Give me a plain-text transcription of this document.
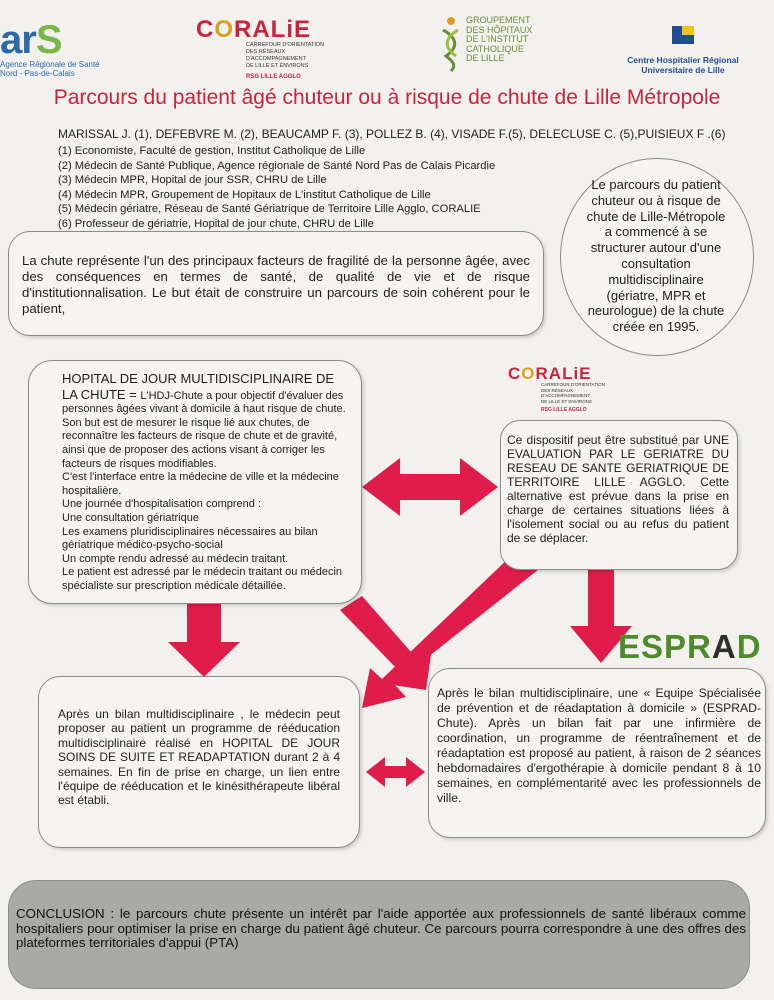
arS
Agence Régionale de Santé
Nord - Pas-de-Calais
CORALiE
CARREFOUR D'ORIENTATION
DES RÉSEAUX
D'ACCOMPAGNEMENT
DE LILLE ET ENVIRONS
RSG LILLE AGGLO
GROUPEMENT
DES HÔPITAUX
DE L'INSTITUT
CATHOLIQUE
DE LILLE	Centre Hospitalier Régional
Universitaire de Lille
Parcours du patient âgé chuteur ou à risque de chute de Lille Métropole
MARISSAL J. (1), DEFEBVRE M. (2), BEAUCAMP F. (3), POLLEZ B. (4), VISADE F.(5), DELECLUSE C. (5),PUISIEUX F .(6)
(1) Economiste, Faculté de gestion, Institut Catholique de Lille
(2) Médecin de Santé Publique, Agence régionale de Santé Nord Pas de Calais Picardie
(3) Médecin MPR, Hopital de jour SSR, CHRU de Lille
(4) Médecin MPR, Groupement de Hopitaux de L'institut Catholique de Lille
(5) Médecin gériatre, Réseau de Santé Gériatrique de Territoire Lille Agglo, CORALIE
(6) Professeur de gériatrie, Hopital de jour chute, CHRU de Lille
Le parcours du patient chuteur ou à risque de chute de Lille-Métropole a commencé à se structurer autour d'une consultation multidisciplinaire (gériatre, MPR et neurologue) de la chute créée en 1995.
La chute représente l'un des principaux facteurs de fragilité de la personne âgée, avec des conséquences en termes de santé, de qualité de vie et de risque d'institutionnalisation. Le but était de construire un parcours de soin cohérent pour le patient,
HOPITAL DE JOUR MULTIDISCIPLINAIRE DE LA CHUTE = L'HDJ-Chute a pour objectif d'évaluer des personnes âgées vivant à domicile à haut risque de chute. Son but est de mesurer le risque lié aux chutes, de reconnaître les facteurs de risque de chute et de gravité, ainsi que de proposer des actions visant à corriger les facteurs de risques modifiables.
C'est l'interface entre la médecine de ville et la médecine hospitalière.
Une journée d'hospitalisation comprend :
Une consultation gériatrique
Les examens pluridisciplinaires nécessaires au bilan gériatrique médico-psycho-social
Un compte rendu adressé au médecin traitant.
Le patient est adressé par le médecin traitant ou médecin spécialiste sur prescription médicale détaillée.
CORALiE
CARREFOUR D'ORIENTATION
DES RÉSEAUX
D'ACCOMPAGNEMENT
DE LILLE ET ENVIRONS
RSG LILLE AGGLO
Ce dispositif peut être substitué par UNE EVALUATION PAR LE GERIATRE DU RESEAU DE SANTE GERIATRIQUE DE TERRITOIRE LILLE AGGLO. Cette alternative est prévue dans la prise en charge de certaines situations liées à l'isolement social ou au refus du patient de se déplacer.
ESPRAD
Après un bilan multidisciplinaire , le médecin peut proposer au patient un programme de rééducation multidisciplinaire réalisé en HOPITAL DE JOUR SOINS DE SUITE ET READAPTATION durant 2 à 4 semaines. En fin de prise en charge, un lien entre l'équipe de rééducation et le kinésithérapeute libéral est établi.
Après le bilan multidisciplinaire, une « Equipe Spécialisée de prévention et de réadaptation à domicile » (ESPRAD-Chute). Après un bilan fait par une infirmière de coordination, un programme de réentraînement et de réadaptation est proposé au patient, à raison de 2 séances hebdomadaires d'ergothérapie à domicile pendant 8 à 10 semaines, en complémentarité avec les professionnels de ville.
CONCLUSION : le parcours chute présente un intérêt par l'aide apportée aux professionnels de santé libéraux comme hospitaliers pour optimiser la prise en charge du patient âgé chuteur. Ce parcours pourra correspondre à une des offres des plateformes territoriales d'appui (PTA)
